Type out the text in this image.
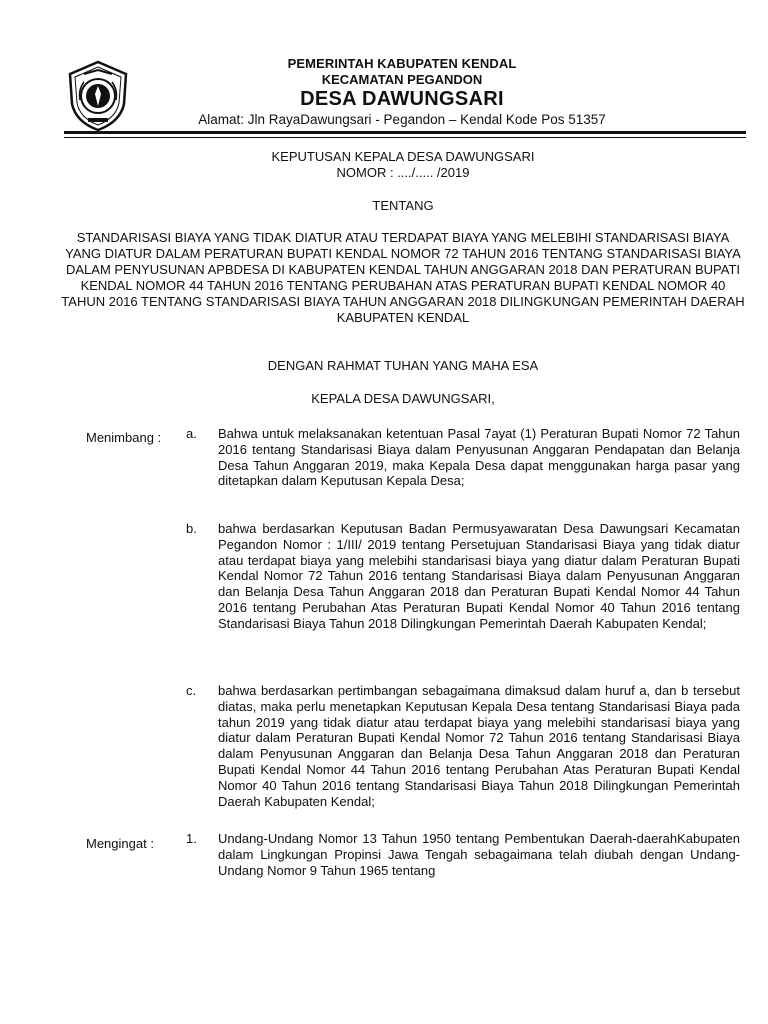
PEMERINTAH KABUPATEN KENDAL
KECAMATAN PEGANDON
DESA DAWUNGSARI
Alamat: Jln RayaDawungsari - Pegandon – Kendal Kode Pos 51357
KEPUTUSAN KEPALA DESA DAWUNGSARI
NOMOR : ..../..... /2019
TENTANG
STANDARISASI BIAYA YANG TIDAK DIATUR ATAU TERDAPAT BIAYA YANG MELEBIHI STANDARISASI BIAYA YANG DIATUR DALAM PERATURAN BUPATI KENDAL NOMOR 72 TAHUN 2016 TENTANG STANDARISASI BIAYA DALAM PENYUSUNAN APBDESA DI KABUPATEN KENDAL TAHUN ANGGARAN 2018 DAN PERATURAN BUPATI KENDAL NOMOR 44 TAHUN 2016 TENTANG PERUBAHAN ATAS PERATURAN BUPATI KENDAL NOMOR 40 TAHUN 2016 TENTANG STANDARISASI BIAYA TAHUN ANGGARAN 2018 DILINGKUNGAN PEMERINTAH DAERAH KABUPATEN KENDAL
DENGAN RAHMAT TUHAN YANG MAHA ESA
KEPALA DESA DAWUNGSARI,
Menimbang : a. Bahwa untuk melaksanakan ketentuan Pasal 7ayat (1) Peraturan Bupati Nomor 72 Tahun 2016 tentang Standarisasi Biaya dalam Penyusunan Anggaran Pendapatan dan Belanja Desa Tahun Anggaran 2019, maka Kepala Desa dapat menggunakan harga pasar yang ditetapkan dalam Keputusan Kepala Desa;
b. bahwa berdasarkan Keputusan Badan Permusyawaratan Desa Dawungsari Kecamatan Pegandon Nomor : 1/III/ 2019 tentang Persetujuan Standarisasi Biaya yang tidak diatur atau terdapat biaya yang melebihi standarisasi biaya yang diatur dalam Peraturan Bupati Kendal Nomor 72 Tahun 2016 tentang Standarisasi Biaya dalam Penyusunan Anggaran dan Belanja Desa Tahun Anggaran 2018 dan Peraturan Bupati Kendal Nomor 44 Tahun 2016 tentang Perubahan Atas Peraturan Bupati Kendal Nomor 40 Tahun 2016 tentang Standarisasi Biaya Tahun 2018 Dilingkungan Pemerintah Daerah Kabupaten Kendal;
c. bahwa berdasarkan pertimbangan sebagaimana dimaksud dalam huruf a, dan b tersebut diatas, maka perlu menetapkan Keputusan Kepala Desa tentang Standarisasi Biaya pada tahun 2019 yang tidak diatur atau terdapat biaya yang melebihi standarisasi biaya yang diatur dalam Peraturan Bupati Kendal Nomor 72 Tahun 2016 tentang Standarisasi Biaya dalam Penyusunan Anggaran dan Belanja Desa Tahun Anggaran 2018 dan Peraturan Bupati Kendal Nomor 44 Tahun 2016 tentang Perubahan Atas Peraturan Bupati Kendal Nomor 40 Tahun 2016 tentang Standarisasi Biaya Tahun 2018 Dilingkungan Pemerintah Daerah Kabupaten Kendal;
Mengingat : 1. Undang-Undang Nomor 13 Tahun 1950 tentang Pembentukan Daerah-daerahKabupaten dalam Lingkungan Propinsi Jawa Tengah sebagaimana telah diubah dengan Undang-Undang Nomor 9 Tahun 1965 tentang
